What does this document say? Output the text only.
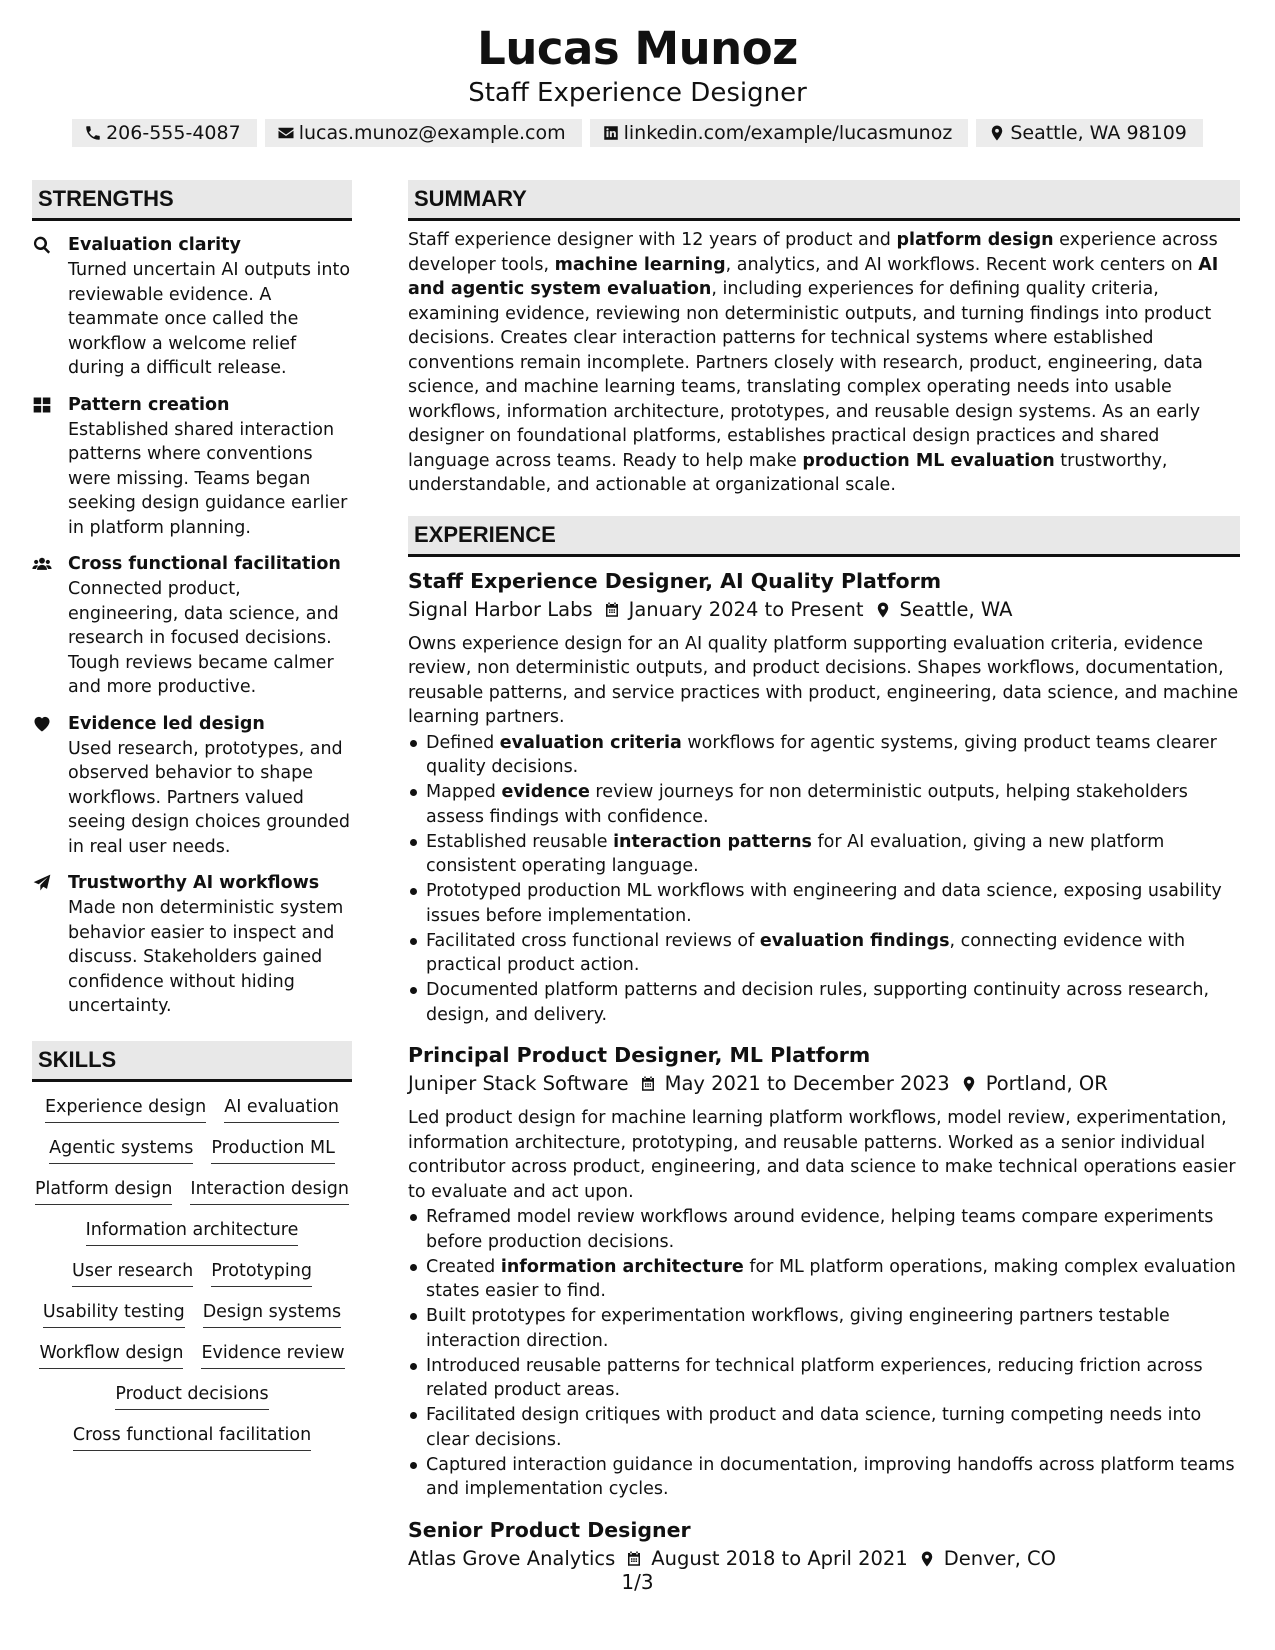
Lucas Munoz
Staff Experience Designer
206-555-4087	lucas.munoz@example.com	linkedin.com/example/lucasmunoz	Seattle, WA 98109
STRENGTHS
Evaluation clarity
Turned uncertain AI outputs into reviewable evidence. A teammate once called the workflow a welcome relief during a difficult release.
Pattern creation
Established shared interaction patterns where conventions were missing. Teams began seeking design guidance earlier in platform planning.
Cross functional facilitation
Connected product, engineering, data science, and research in focused decisions. Tough reviews became calmer and more productive.
Evidence led design
Used research, prototypes, and observed behavior to shape workflows. Partners valued seeing design choices grounded in real user needs.
Trustworthy AI workflows
Made non deterministic system behavior easier to inspect and discuss. Stakeholders gained confidence without hiding uncertainty.
SKILLS
Experience design AI evaluation
Agentic systems Production ML
Platform design Interaction design
Information architecture
User research Prototyping
Usability testing Design systems
Workflow design Evidence review
Product decisions
Cross functional facilitation
SUMMARY

Staff experience designer with 12 years of product and platform design experience across developer tools, machine learning, analytics, and AI workflows. Recent work centers on AI and agentic system evaluation, including experiences for defining quality criteria, examining evidence, reviewing non deterministic outputs, and turning findings into product decisions. Creates clear interaction patterns for technical systems where established conventions remain incomplete. Partners closely with research, product, engineering, data science, and machine learning teams, translating complex operating needs into usable workflows, information architecture, prototypes, and reusable design systems. As an early designer on foundational platforms, establishes practical design practices and shared language across teams. Ready to help make production ML evaluation trustworthy, understandable, and actionable at organizational scale.

EXPERIENCE
Staff Experience Designer, AI Quality Platform
Signal Harbor Labs January 2024 to Present Seattle, WA

Owns experience design for an AI quality platform supporting evaluation criteria, evidence review, non deterministic outputs, and product decisions. Shapes workflows, documentation, reusable patterns, and service practices with product, engineering, data science, and machine learning partners.

Defined evaluation criteria workflows for agentic systems, giving product teams clearer quality decisions.
Mapped evidence review journeys for non deterministic outputs, helping stakeholders assess findings with confidence.
Established reusable interaction patterns for AI evaluation, giving a new platform consistent operating language.
Prototyped production ML workflows with engineering and data science, exposing usability issues before implementation.
Facilitated cross functional reviews of evaluation findings, connecting evidence with practical product action.
Documented platform patterns and decision rules, supporting continuity across research, design, and delivery.
Principal Product Designer, ML Platform
Juniper Stack Software May 2021 to December 2023 Portland, OR

Led product design for machine learning platform workflows, model review, experimentation, information architecture, prototyping, and reusable patterns. Worked as a senior individual contributor across product, engineering, and data science to make technical operations easier to evaluate and act upon.

Reframed model review workflows around evidence, helping teams compare experiments before production decisions.
Created information architecture for ML platform operations, making complex evaluation states easier to find.
Built prototypes for experimentation workflows, giving engineering partners testable interaction direction.
Introduced reusable patterns for technical platform experiences, reducing friction across related product areas.
Facilitated design critiques with product and data science, turning competing needs into clear decisions.
Captured interaction guidance in documentation, improving handoffs across platform teams and implementation cycles.
Senior Product Designer
Atlas Grove Analytics August 2018 to April 2021 Denver, CO
1/3
